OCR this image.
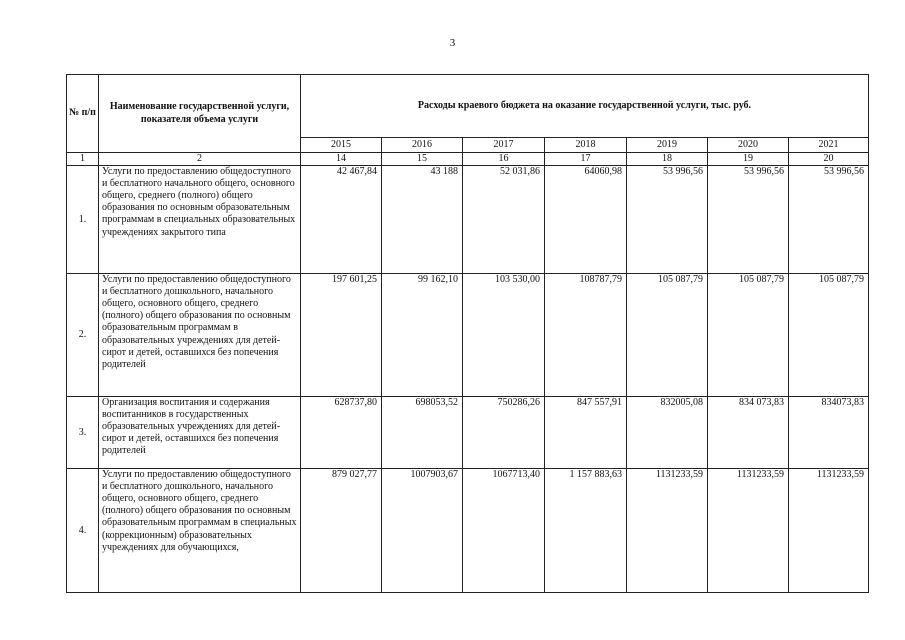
3
№ п/п	Наименование государственной услуги, показателя объема услуги	Расходы краевого бюджета на оказание государственной услуги, тыс. руб.						
		2015	2016	2017	2018	2019	2020	2021
1	2	14	15	16	17	18	19	20
1.	Услуги по предоставлению общедоступного и бесплатного начального общего, основного общего, среднего (полного) общего образования по основным образовательным программам в специальных образовательных учреждениях закрытого типа	42 467,84	43 188	52 031,86	64060,98	53 996,56	53 996,56	53 996,56
2.	Услуги по предоставлению общедоступного и бесплатного дошкольного, начального общего, основного общего, среднего (полного) общего образования по основным образовательным программам в образовательных учреждениях для детей-сирот и детей, оставшихся без попечения родителей	197 601,25	99 162,10	103 530,00	108787,79	105 087,79	105 087,79	105 087,79
3.	Организация воспитания и содержания воспитанников в государственных образовательных учреждениях для детей-сирот и детей, оставшихся без попечения родителей	628737,80	698053,52	750286,26	847 557,91	832005,08	834 073,83	834073,83
4.	Услуги по предоставлению общедоступного и бесплатного дошкольного, начального общего, основного общего, среднего (полного) общего образования по основным образовательным программам в специальных (коррекционным) образовательных учреждениях для обучающихся,	879 027,77	1007903,67	1067713,40	1 157 883,63	1131233,59	1131233,59	1131233,59
